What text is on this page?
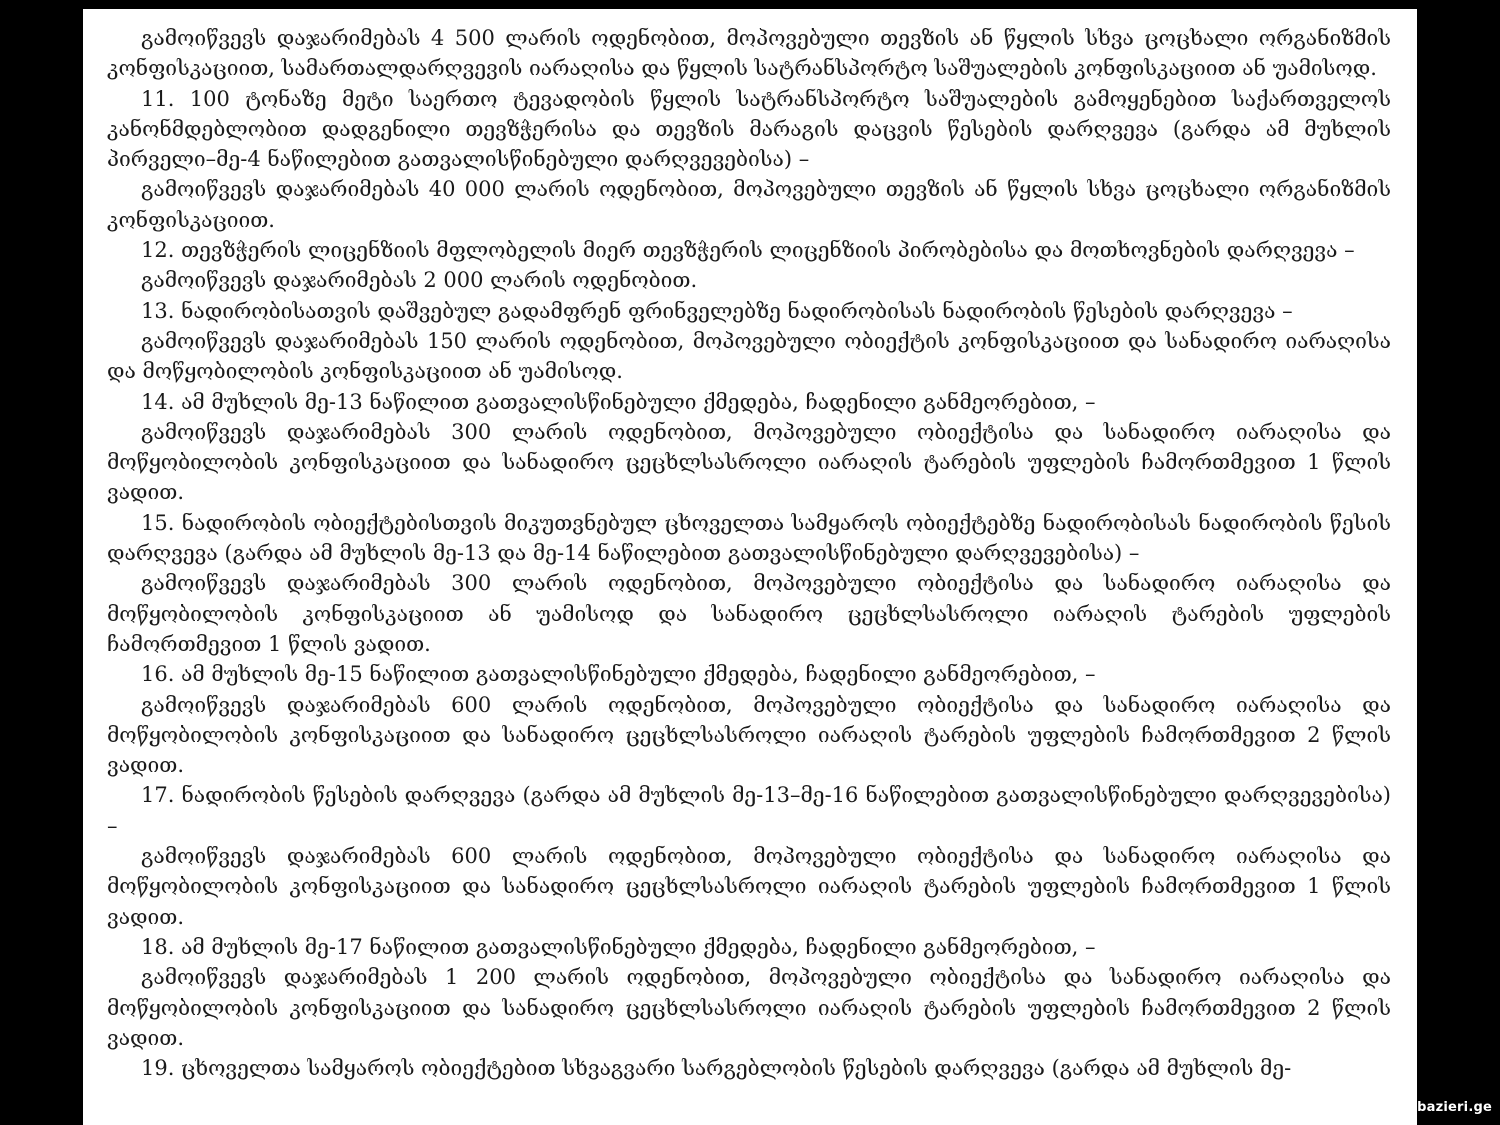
გამოიწვევს დაჯარიმებას 4 500 ლარის ოდენობით, მოპოვებული თევზის ან წყლის სხვა ცოცხალი ორგანიზმის კონფისკაციით, სამართალდარღვევის იარაღისა და წყლის სატრანსპორტო საშუალების კონფისკაციით ან უამისოდ.

11. 100 ტონაზე მეტი საერთო ტევადობის წყლის სატრანსპორტო საშუალების გამოყენებით საქართველოს კანონმდებლობით დადგენილი თევზჭერისა და თევზის მარაგის დაცვის წესების დარღვევა (გარდა ამ მუხლის პირველი–მე-4 ნაწილებით გათვალისწინებული დარღვევებისა) –

გამოიწვევს დაჯარიმებას 40 000 ლარის ოდენობით, მოპოვებული თევზის ან წყლის სხვა ცოცხალი ორგანიზმის კონფისკაციით.

12. თევზჭერის ლიცენზიის მფლობელის მიერ თევზჭერის ლიცენზიის პირობებისა და მოთხოვნების დარღვევა –

გამოიწვევს დაჯარიმებას 2 000 ლარის ოდენობით.

13. ნადირობისათვის დაშვებულ გადამფრენ ფრინველებზე ნადირობისას ნადირობის წესების დარღვევა –

გამოიწვევს დაჯარიმებას 150 ლარის ოდენობით, მოპოვებული ობიექტის კონფისკაციით და სანადირო იარაღისა და მოწყობილობის კონფისკაციით ან უამისოდ.

14. ამ მუხლის მე-13 ნაწილით გათვალისწინებული ქმედება, ჩადენილი განმეორებით, –

გამოიწვევს დაჯარიმებას 300 ლარის ოდენობით, მოპოვებული ობიექტისა და სანადირო იარაღისა და მოწყობილობის კონფისკაციით და სანადირო ცეცხლსასროლი იარაღის ტარების უფლების ჩამორთმევით 1 წლის ვადით.

15. ნადირობის ობიექტებისთვის მიკუთვნებულ ცხოველთა სამყაროს ობიექტებზე ნადირობისას ნადირობის წესის დარღვევა (გარდა ამ მუხლის მე-13 და მე-14 ნაწილებით გათვალისწინებული დარღვევებისა) –

გამოიწვევს დაჯარიმებას 300 ლარის ოდენობით, მოპოვებული ობიექტისა და სანადირო იარაღისა და მოწყობილობის კონფისკაციით ან უამისოდ და სანადირო ცეცხლსასროლი იარაღის ტარების უფლების ჩამორთმევით 1 წლის ვადით.

16. ამ მუხლის მე-15 ნაწილით გათვალისწინებული ქმედება, ჩადენილი განმეორებით, –

გამოიწვევს დაჯარიმებას 600 ლარის ოდენობით, მოპოვებული ობიექტისა და სანადირო იარაღისა და მოწყობილობის კონფისკაციით და სანადირო ცეცხლსასროლი იარაღის ტარების უფლების ჩამორთმევით 2 წლის ვადით.

17. ნადირობის წესების დარღვევა (გარდა ამ მუხლის მე-13–მე-16 ნაწილებით გათვალისწინებული დარღვევებისა) –

გამოიწვევს დაჯარიმებას 600 ლარის ოდენობით, მოპოვებული ობიექტისა და სანადირო იარაღისა და მოწყობილობის კონფისკაციით და სანადირო ცეცხლსასროლი იარაღის ტარების უფლების ჩამორთმევით 1 წლის ვადით.

18. ამ მუხლის მე-17 ნაწილით გათვალისწინებული ქმედება, ჩადენილი განმეორებით, –

გამოიწვევს დაჯარიმებას 1 200 ლარის ოდენობით, მოპოვებული ობიექტისა და სანადირო იარაღისა და მოწყობილობის კონფისკაციით და სანადირო ცეცხლსასროლი იარაღის ტარების უფლების ჩამორთმევით 2 წლის ვადით.

19. ცხოველთა სამყაროს ობიექტებით სხვაგვარი სარგებლობის წესების დარღვევა (გარდა ამ მუხლის მე-

www.bazieri.ge
